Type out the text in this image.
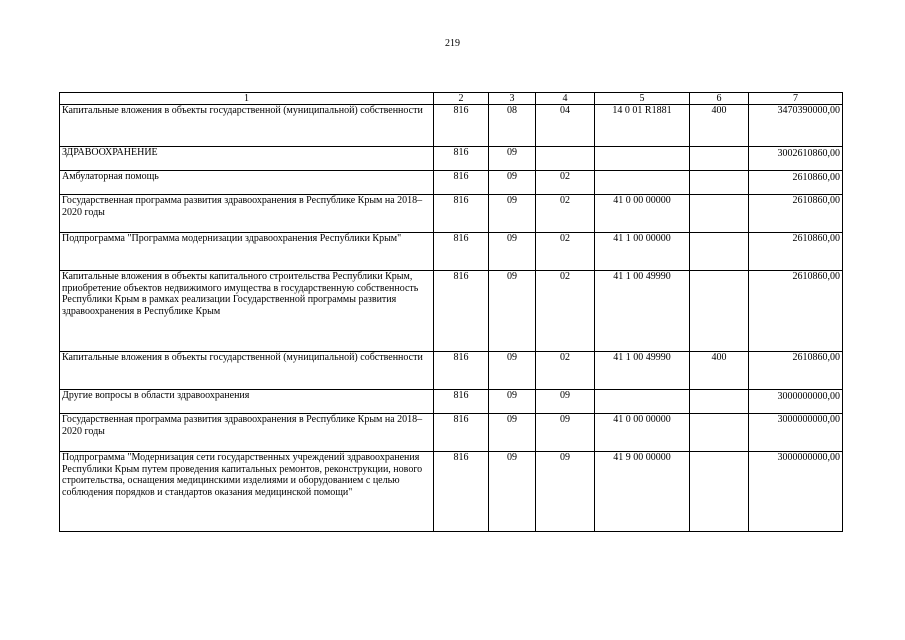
219
1	2	3	4	5	6	7
Капитальные вложения в объекты государственной (муниципальной) собственности	816	08	04	14 0 01 R1881	400	3470390000,00
ЗДРАВООХРАНЕНИЕ	816	09				3002610860,00
Амбулаторная помощь	816	09	02			2610860,00
Государственная программа развития здравоохранения в Республике Крым на 2018–2020 годы	816	09	02	41 0 00 00000		2610860,00
Подпрограмма "Программа модернизации здравоохранения Республики Крым"	816	09	02	41 1 00 00000		2610860,00
Капитальные вложения в объекты капитального строительства Республики Крым, приобретение объектов недвижимого имущества в государственную собственность Республики Крым в рамках реализации Государственной программы развития здравоохранения в Республике Крым	816	09	02	41 1 00 49990		2610860,00
Капитальные вложения в объекты государственной (муниципальной) собственности	816	09	02	41 1 00 49990	400	2610860,00
Другие вопросы в области здравоохранения	816	09	09			3000000000,00
Государственная программа развития здравоохранения в Республике Крым на 2018–2020 годы	816	09	09	41 0 00 00000		3000000000,00
Подпрограмма "Модернизация сети государственных учреждений здравоохранения Республики Крым путем проведения капитальных ремонтов, реконструкции, нового строительства, оснащения медицинскими изделиями и оборудованием с целью соблюдения порядков и стандартов оказания медицинской помощи"	816	09	09	41 9 00 00000		3000000000,00
